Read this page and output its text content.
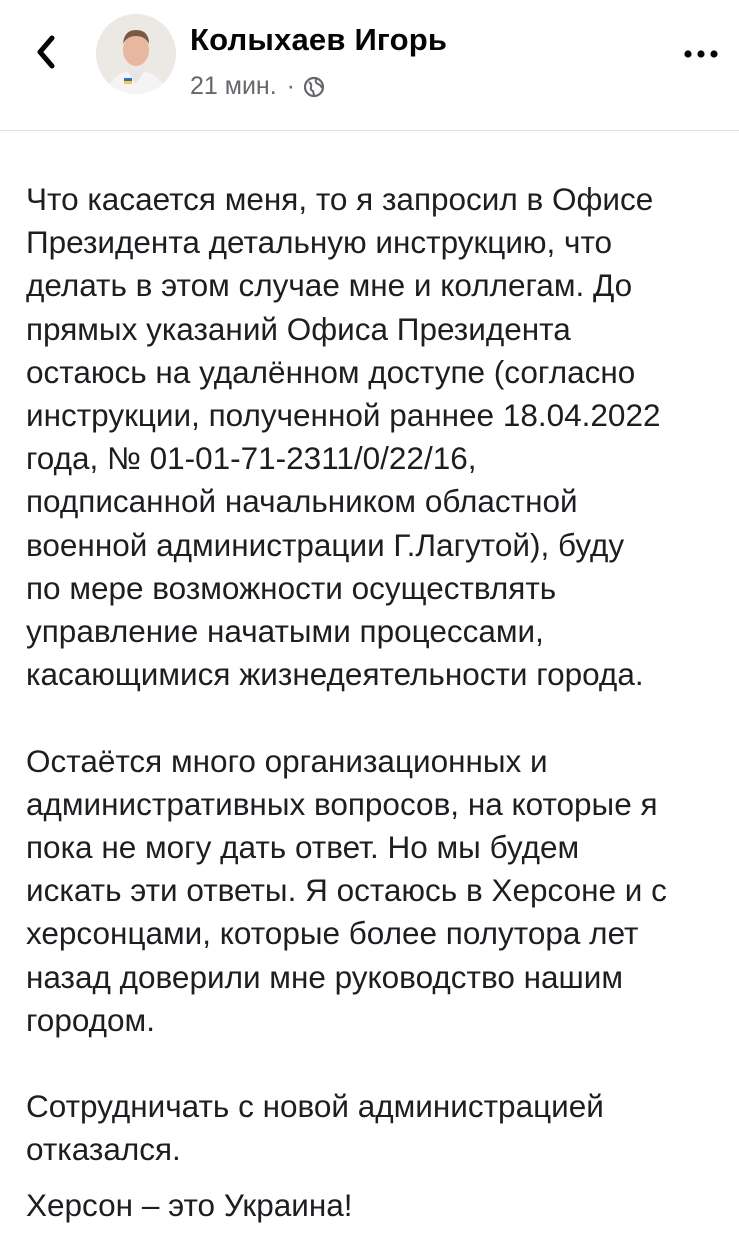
Колыхаев Игорь
21 мин. ·

Что касается меня, то я запросил в Офисе
Президента детальную инструкцию, что
делать в этом случае мне и коллегам. До
прямых указаний Офиса Президента
остаюсь на удалённом доступе (согласно
инструкции, полученной раннее 18.04.2022
года, № 01-01-71-2311/0/22/16,
подписанной начальником областной
военной администрации Г.Лагутой), буду
по мере возможности осуществлять
управление начатыми процессами,
касающимися жизнедеятельности города.

Остаётся много организационных и
административных вопросов, на которые я
пока не могу дать ответ. Но мы будем
искать эти ответы. Я остаюсь в Херсоне и с
херсонцами, которые более полутора лет
назад доверили мне руководство нашим
городом.

Сотрудничать с новой администрацией
отказался.

Херсон – это Украина!
